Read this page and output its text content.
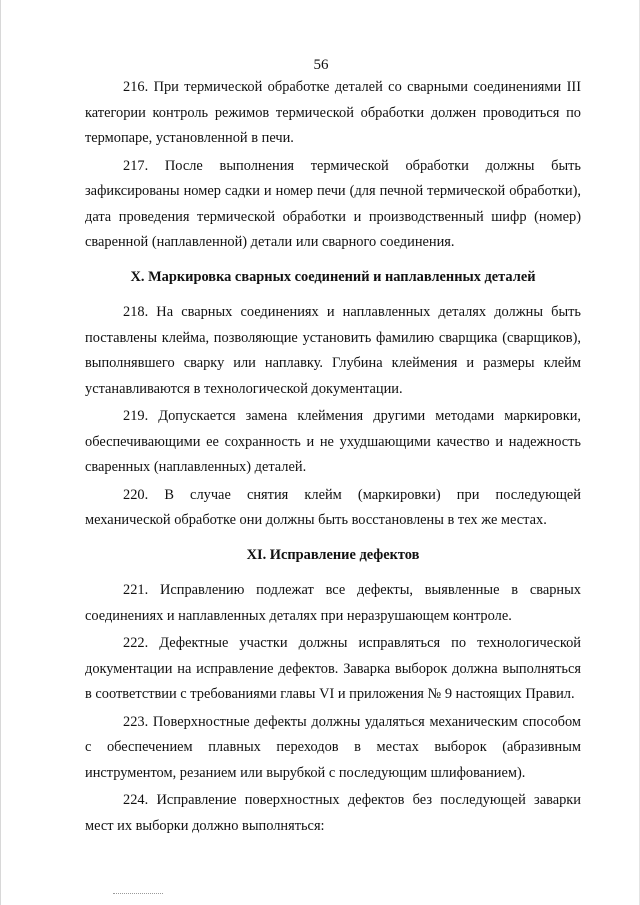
56

216. При термической обработке деталей со сварными соединениями III категории контроль режимов термической обработки должен проводиться по термопаре, установленной в печи.

217. После выполнения термической обработки должны быть зафиксированы номер садки и номер печи (для печной термической обработки), дата проведения термической обработки и производственный шифр (номер) сваренной (наплавленной) детали или сварного соединения.

X. Маркировка сварных соединений и наплавленных деталей

218. На сварных соединениях и наплавленных деталях должны быть поставлены клейма, позволяющие установить фамилию сварщика (сварщиков), выполнявшего сварку или наплавку. Глубина клеймения и размеры клейм устанавливаются в технологической документации.

219. Допускается замена клеймения другими методами маркировки, обеспечивающими ее сохранность и не ухудшающими качество и надежность сваренных (наплавленных) деталей.

220. В случае снятия клейм (маркировки) при последующей механической обработке они должны быть восстановлены в тех же местах.

XI. Исправление дефектов

221. Исправлению подлежат все дефекты, выявленные в сварных соединениях и наплавленных деталях при неразрушающем контроле.

222. Дефектные участки должны исправляться по технологической документации на исправление дефектов. Заварка выборок должна выполняться в соответствии с требованиями главы VI и приложения № 9 настоящих Правил.

223. Поверхностные дефекты должны удаляться механическим способом с обеспечением плавных переходов в местах выборок (абразивным инструментом, резанием или вырубкой с последующим шлифованием).

224. Исправление поверхностных дефектов без последующей заварки мест их выборки должно выполняться:
